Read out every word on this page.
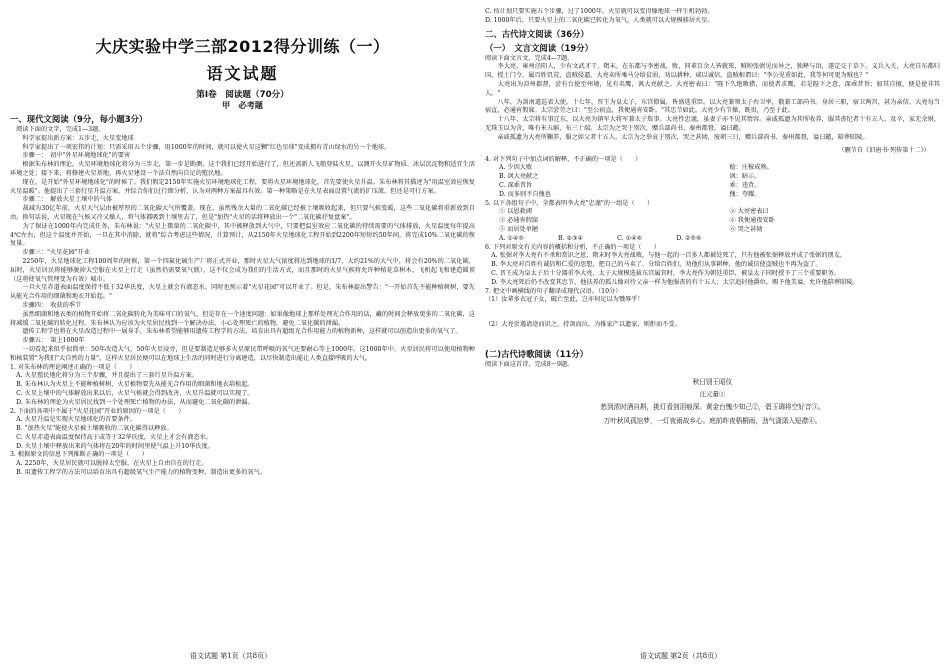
大庆实验中学三部2012得分训练（一）
语文试题
第Ⅰ卷　阅读题（70分）
甲　必考题
一、现代文阅读（9分，每小题3分）

　阅读下面的文字，完成1—3题。
　　科学家提出新方案：五步走，火星变地球
　　科学家提出了一项宏伟的计划：只需采用五个步骤，用1000年的时间，就可以使火星这颗"红色星球"变成拥有青山绿水的另一个地球。
　　步骤一：　初中"外星环境地球化"的要害
　　根据朱布林的理论，火星环境地球化将分为三步走，第一步是勘测，这个我们已经开始进行了，但还需新人飞船登陆火星，以测开火星矿物质、冰层沉淀物和适宜生活环境之处；接下来，将修建火星基地，再火星建设一个法自然向自足的殖民地。
　　现在，是开始"外星环境地球化"的时候了。我们假定2150年实施火星环境地球化工程，要将火星环境地球化，首先要使火星升温。朱布林将其描述为"用温室效应恢复火星温暖"。他提出了三套行星升温方案，并综合你们过行细分析，认为对两种方案最具有效。第一种策略是在火星表面设置气流的扩压流。但还是可行方案。
　　步骤二：　解放火星土壤中的气体
　　裁减为30亿年前，火星大气层由被厚厚的二氧化碳大气所覆盖。现在，虽然残余大量的二氧化碳已经被土壤吸收起来，但只要气候变暖，这些二氧化碳将重新放到自由。换句话说，火星现在气候又冷又燥人，将气体都吸到土壤里去了，但是"加热"火星的话将释放出一个"二氧化碳抒复盘案"。
　　为了保证在1000年内完成任务，朱布林说："火星上微量的二氧化碳中，其中被释放到大气中，只要把温室效应二氧化碳的持续需要的气体排放，火星温度每年提高4℃左右，但这个温度并开始，一旦在其中消除，就将"综合考虑这些情况，计算预计，从2150年火星地球化工程开始到2200年短短约50年间，将完成10%二氧化碳的恢复量。
　　步骤三："火星花园"开业
　　2250年，火星地球化工程100周年的时候，第一个四氟化硫生产厂将正式开业，那时火星大气浓度将达到地球的1/7，大约21%的大气中，将会有20%的二氧化碳，届时，火星居民将能够脱掉大空服在火星上行走（虽然仍需要氧气瓶），这不仅会成为我们的生活方式，而且那时的火星气候将允许种植花草树木、飞机起飞和建造圆顶（这将使氧气管理变为有效）城市。
　　一旦火星赤道表面温度保持不低于32华氏度，火星上就会有液态水。同时也预示着"火星花园"可以开业了。但是，朱布林提出警告："一开始首先不能种植树树，要先从能光合作用的细菌和地衣开始起。"
　　步骤四：　收获的季节
　　虽然细菌和地衣类的植物开始将二氧化碳转化为美味可口的氧气，但是存在一个速度问题：如果像地球上那样处理光合作用的话，藏的时间会释放更多的二氧化碳，这将减缓二氧化碳的转化过程。朱布林认为应该为火星居民找到一个解决办法，小心处理死亡的植物，避免二氧化碳的泄漏。
　　遗传工程学也将在火星改造过程中一展身手，朱布林希望能够用遗传工程学的方法，培育出具有超级光合作用能力的植物新种，这样就可以创造出更多的氧气了。
　　步骤五：　第上1000年
　　一切看起来似乎很简单：50年改造大气，50年火星浸旁，但是要制造足够多火星原民带呼吸的氧气还要耐心等上1000年。这1000年中，火星居民将可以使用植物种和核装置"为我们"大自然的力量"。这样火星居民便可以在地球上生活的同时进行分离建造，以尽快制造出能让人类直接呼吸的大气。

1. 对朱布林的理论阐述正确的一项是（　　）

　A. 火星殖民地化将分为三个步骤，并且提出了三套行星升温方案。

　B. 朱布林认为火星上不能种植树树，火星植物要先从能光合作用的细菌和地衣培植起。

　C. 火星上壤中的气体解放出来以后，火星气候就会得到改善，火星升温就可以实现了。

　D. 朱布林的理论为火星居民找到一个处理死亡植物的办法，从而避免二氧化碳的泄漏。

2. 下面的各项中不属于"火星花园"开业的原因的一项是（　　）

　A. 火星升温是实现火星地球化的首要条件。

　B. "加热火星"能使火星被土壤吸收的二氧化碳得以释放。

　C. 火星赤道表面温度保持高于或等于32华氏度，火星上才会有液态水。

　D. 火星土壤中释放出来的气体将在20年的时间里使气温上升10华氏度。

3. 根据原文的信息下列推断正确的一项是（　　）

　A. 2250年，火星居民就可以脱掉太空服，在火星上自由自在的行走。

　B. 用遗传工程学的方法可以培育出具有超级氧气生产能力的植物变种，制造出更多的氧气。

语文试题 第1页（共8页）

C. 按计划只要实施五个步骤，过了1000年，火星就可以变得像地球一样生机勃勃。

D. 1000年后，只要火星上的二氧化碳已转化为氧气，人类就可以大规模移居火星。

二、古代诗文阅读（36分）
（一）　文言文阅读（19分）

阅读下面文言文，完成4—7题。
　　李大亮，雍州泾阳人，少有文武才干。隋末，在东都与李密战，败，同辈百余人皆就死，贼帅张弼见而异之，独释与语，遂定交于草下。义兵入关，大亮自东都归国，授土门令。属百姓饥荒，盗贼侵逼，大亮卖所乘马分给贫弱，劝以耕种，咸以诚信。盗贼相谓曰："李公见重如此，我等何可更为贼也？"
　　大亮出为凉州都督，尝有台使至州境，见有名鹰，讽大亮献之。大亮密表曰："陛下久绝畋猎，而使者求鹰，若是陛下之意，深乖昔旨；如其自擅，便是使非其人。"
　　八年，为剑南道巡省大使。十七年，晋王为皇太子，东宫僚属，皆盛选重臣。以大亮兼领太子右卫率，俄兼工部尚书。身居三职，宿卫两宫，甚为亲信。大亮每当宿直，必通宵假寐。太宗尝劳之曰："至公宿直，我便通宵安卧。"其忠节如此。大亮少有节操，既贵，乃至于此。
　　十八年，太宗将有事辽东，以大亮为镇军大将军兼太子詹事。大亮性忠谨，虽妻子亦不见其惰容。亲戚孤遗为其所收养，服其丧纪者十有五人。及卒，家无余财，无珠玉以为含，唯有米五斛、布三十端。太宗为之哭于别次，赠兵部尚书、秦州都督，谥曰懿。
　　亲戚孤遗为大亮所鞠养，服之如父者十五人。太宗为之举哀于别次，哭之甚恸，废朝三日，赠兵部尚书、秦州都督，谥曰懿，陪葬昭陵。

（删节自《旧唐书·列传第十二》）

4. 对下列句子中加点词的解释，不正确的一项是（　　）

A. 少因大败	稔：庄稼成熟。
B. 讽大亮献之	讽：暗示。
C. 深乖昔旨	乖：违背。
D. 而多则不自傀也	傀：夸耀。

5. 以下各组句子中，全都表明李大亮"忠谨"的一组是（　　）

① 以恩救阈	② 大亮密表曰
③ 必通宵假寐	④ 我便通夜安卧
⑤ 而居处单陋	⑥ 哭之甚恸
A. ①④⑤	B. ②③④	C. ①④⑥	D. ②⑤⑥

6. 下列对原文有关内容的概括和分析，不正确的一项是（　　）
　A. 张弼对李大亮有不杀和赏识之恩，隋末时李大亮战败，与他一起的一百多人都被处死了，只有他被张弼释放并成了张弼的朋友。
　B. 李大亮对百姓有诚信和仁爱的思想，把自己的马卖了，分给百姓们，劝他们从事耕种，他的诚信使盗贼也不再为盗了。
　C. 晋王成为皇太子后十分器重李大亮，太子大规模选拔东宫属官时，李大亮作为朝廷重臣，被皇太子同时授予了三个重要职务。
　D. 李大亮死后仍不改变其忠节，他扶养的孤儿像对待父亲一样为他服丧的有十五人；太宗追封他爵位，赐予他美谥，允许他陪葬昭陵。

7. 把文中画横线的句子翻译成现代汉语。（10分）

（1）汝辈多衣冠子女，破亡至此，岂亦何足以为戮辱乎！

（2）大亮尝遇请途而识之，持剑而泣，为推家产以遗家，则拒而不受。

(二)古代诗歌阅读（11分）

阅读下面这首诗，完成8～9题。

秋日别王昭仪
汪元量①
愁到浓时酒自斟，挑灯看剑泪痕深。黄金台愧少知己②，碧玉调将空好音③。
万叶秋风孤馆梦，一灯夜雨故乡心。庭前昨夜梧桐雨，劲气潇潇入短襟④。
语文试题 第2页（共8页）
